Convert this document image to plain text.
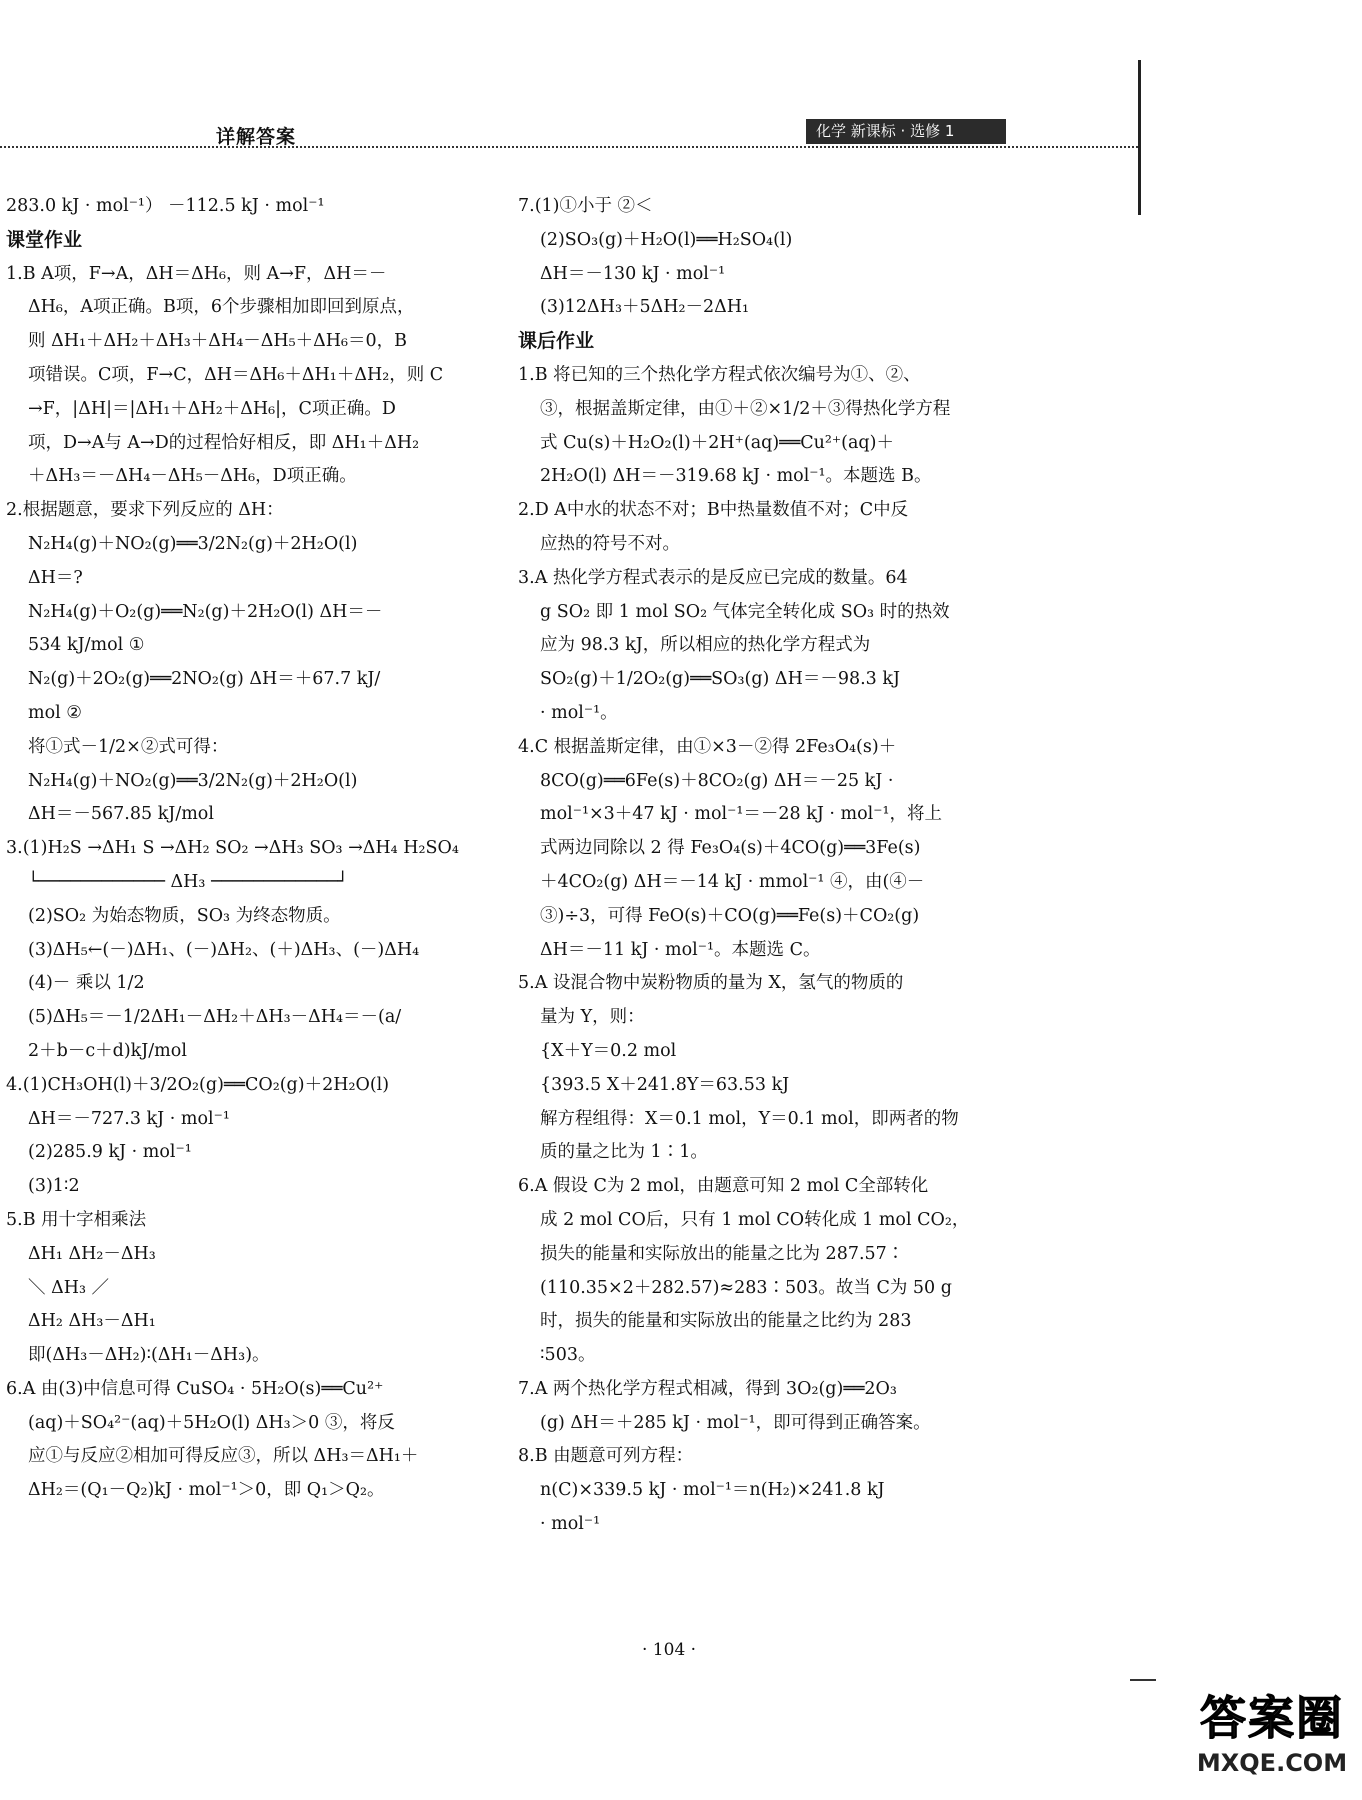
详解答案	化学 新课标 · 选修 1
283.0 kJ · mol⁻¹） －112.5 kJ · mol⁻¹
课堂作业
1.B A项，F→A，ΔH＝ΔH₆，则 A→F，ΔH＝－
ΔH₆，A项正确。B项，6个步骤相加即回到原点，
则 ΔH₁＋ΔH₂＋ΔH₃＋ΔH₄－ΔH₅＋ΔH₆＝0，B
项错误。C项，F→C，ΔH＝ΔH₆＋ΔH₁＋ΔH₂，则 C
→F，|ΔH|＝|ΔH₁＋ΔH₂＋ΔH₆|，C项正确。D
项，D→A与 A→D的过程恰好相反，即 ΔH₁＋ΔH₂
＋ΔH₃＝－ΔH₄－ΔH₅－ΔH₆，D项正确。
2.根据题意，要求下列反应的 ΔH：
N₂H₄(g)＋NO₂(g)══3/2N₂(g)＋2H₂O(l)
ΔH＝?
N₂H₄(g)＋O₂(g)══N₂(g)＋2H₂O(l) ΔH＝－
534 kJ/mol ①
N₂(g)＋2O₂(g)══2NO₂(g) ΔH＝＋67.7 kJ/
mol ②
将①式－1/2×②式可得：
N₂H₄(g)＋NO₂(g)══3/2N₂(g)＋2H₂O(l)
ΔH＝－567.85 kJ/mol
3.(1)H₂S →ΔH₁ S →ΔH₂ SO₂ →ΔH₃ SO₃ →ΔH₄ H₂SO₄
└──────────── ΔH₃ ────────────┘
(2)SO₂ 为始态物质，SO₃ 为终态物质。
(3)ΔH₅←(－)ΔH₁、(－)ΔH₂、(＋)ΔH₃、(－)ΔH₄
(4)－ 乘以 1/2
(5)ΔH₅＝－1/2ΔH₁－ΔH₂＋ΔH₃－ΔH₄＝－(a/
2＋b－c＋d)kJ/mol
4.(1)CH₃OH(l)＋3/2O₂(g)══CO₂(g)＋2H₂O(l)
ΔH＝－727.3 kJ · mol⁻¹
(2)285.9 kJ · mol⁻¹
(3)1∶2
5.B 用十字相乘法
ΔH₁ ΔH₂－ΔH₃
＼ ΔH₃ ／
ΔH₂ ΔH₃－ΔH₁
即(ΔH₃－ΔH₂)∶(ΔH₁－ΔH₃)。
6.A 由(3)中信息可得 CuSO₄ · 5H₂O(s)══Cu²⁺
(aq)＋SO₄²⁻(aq)＋5H₂O(l) ΔH₃＞0 ③，将反
应①与反应②相加可得反应③，所以 ΔH₃＝ΔH₁＋
ΔH₂＝(Q₁－Q₂)kJ · mol⁻¹＞0，即 Q₁＞Q₂。
7.(1)①小于 ②＜
(2)SO₃(g)＋H₂O(l)══H₂SO₄(l)
ΔH＝－130 kJ · mol⁻¹
(3)12ΔH₃＋5ΔH₂－2ΔH₁
课后作业
1.B 将已知的三个热化学方程式依次编号为①、②、
③，根据盖斯定律，由①＋②×1/2＋③得热化学方程
式 Cu(s)＋H₂O₂(l)＋2H⁺(aq)══Cu²⁺(aq)＋
2H₂O(l) ΔH＝－319.68 kJ · mol⁻¹。本题选 B。
2.D A中水的状态不对；B中热量数值不对；C中反
应热的符号不对。
3.A 热化学方程式表示的是反应已完成的数量。64
g SO₂ 即 1 mol SO₂ 气体完全转化成 SO₃ 时的热效
应为 98.3 kJ，所以相应的热化学方程式为
SO₂(g)＋1/2O₂(g)══SO₃(g) ΔH＝－98.3 kJ
· mol⁻¹。
4.C 根据盖斯定律，由①×3－②得 2Fe₃O₄(s)＋
8CO(g)══6Fe(s)＋8CO₂(g) ΔH＝－25 kJ ·
mol⁻¹×3＋47 kJ · mol⁻¹＝－28 kJ · mol⁻¹，将上
式两边同除以 2 得 Fe₃O₄(s)＋4CO(g)══3Fe(s)
＋4CO₂(g) ΔH＝－14 kJ · mmol⁻¹ ④，由(④－
③)÷3，可得 FeO(s)＋CO(g)══Fe(s)＋CO₂(g)
ΔH＝－11 kJ · mol⁻¹。本题选 C。
5.A 设混合物中炭粉物质的量为 X，氢气的物质的
量为 Y，则：
{X＋Y＝0.2 mol
{393.5 X＋241.8Y＝63.53 kJ
解方程组得：X＝0.1 mol，Y＝0.1 mol，即两者的物
质的量之比为 1∶1。
6.A 假设 C为 2 mol，由题意可知 2 mol C全部转化
成 2 mol CO后，只有 1 mol CO转化成 1 mol CO₂，
损失的能量和实际放出的能量之比为 287.57∶
(110.35×2＋282.57)≈283∶503。故当 C为 50 g
时，损失的能量和实际放出的能量之比约为 283
∶503。
7.A 两个热化学方程式相减，得到 3O₂(g)══2O₃
(g) ΔH＝＋285 kJ · mol⁻¹，即可得到正确答案。
8.B 由题意可列方程：
n(C)×339.5 kJ · mol⁻¹＝n(H₂)×241.8 kJ
· mol⁻¹
· 104 ·
答案圈
MXQE.COM
